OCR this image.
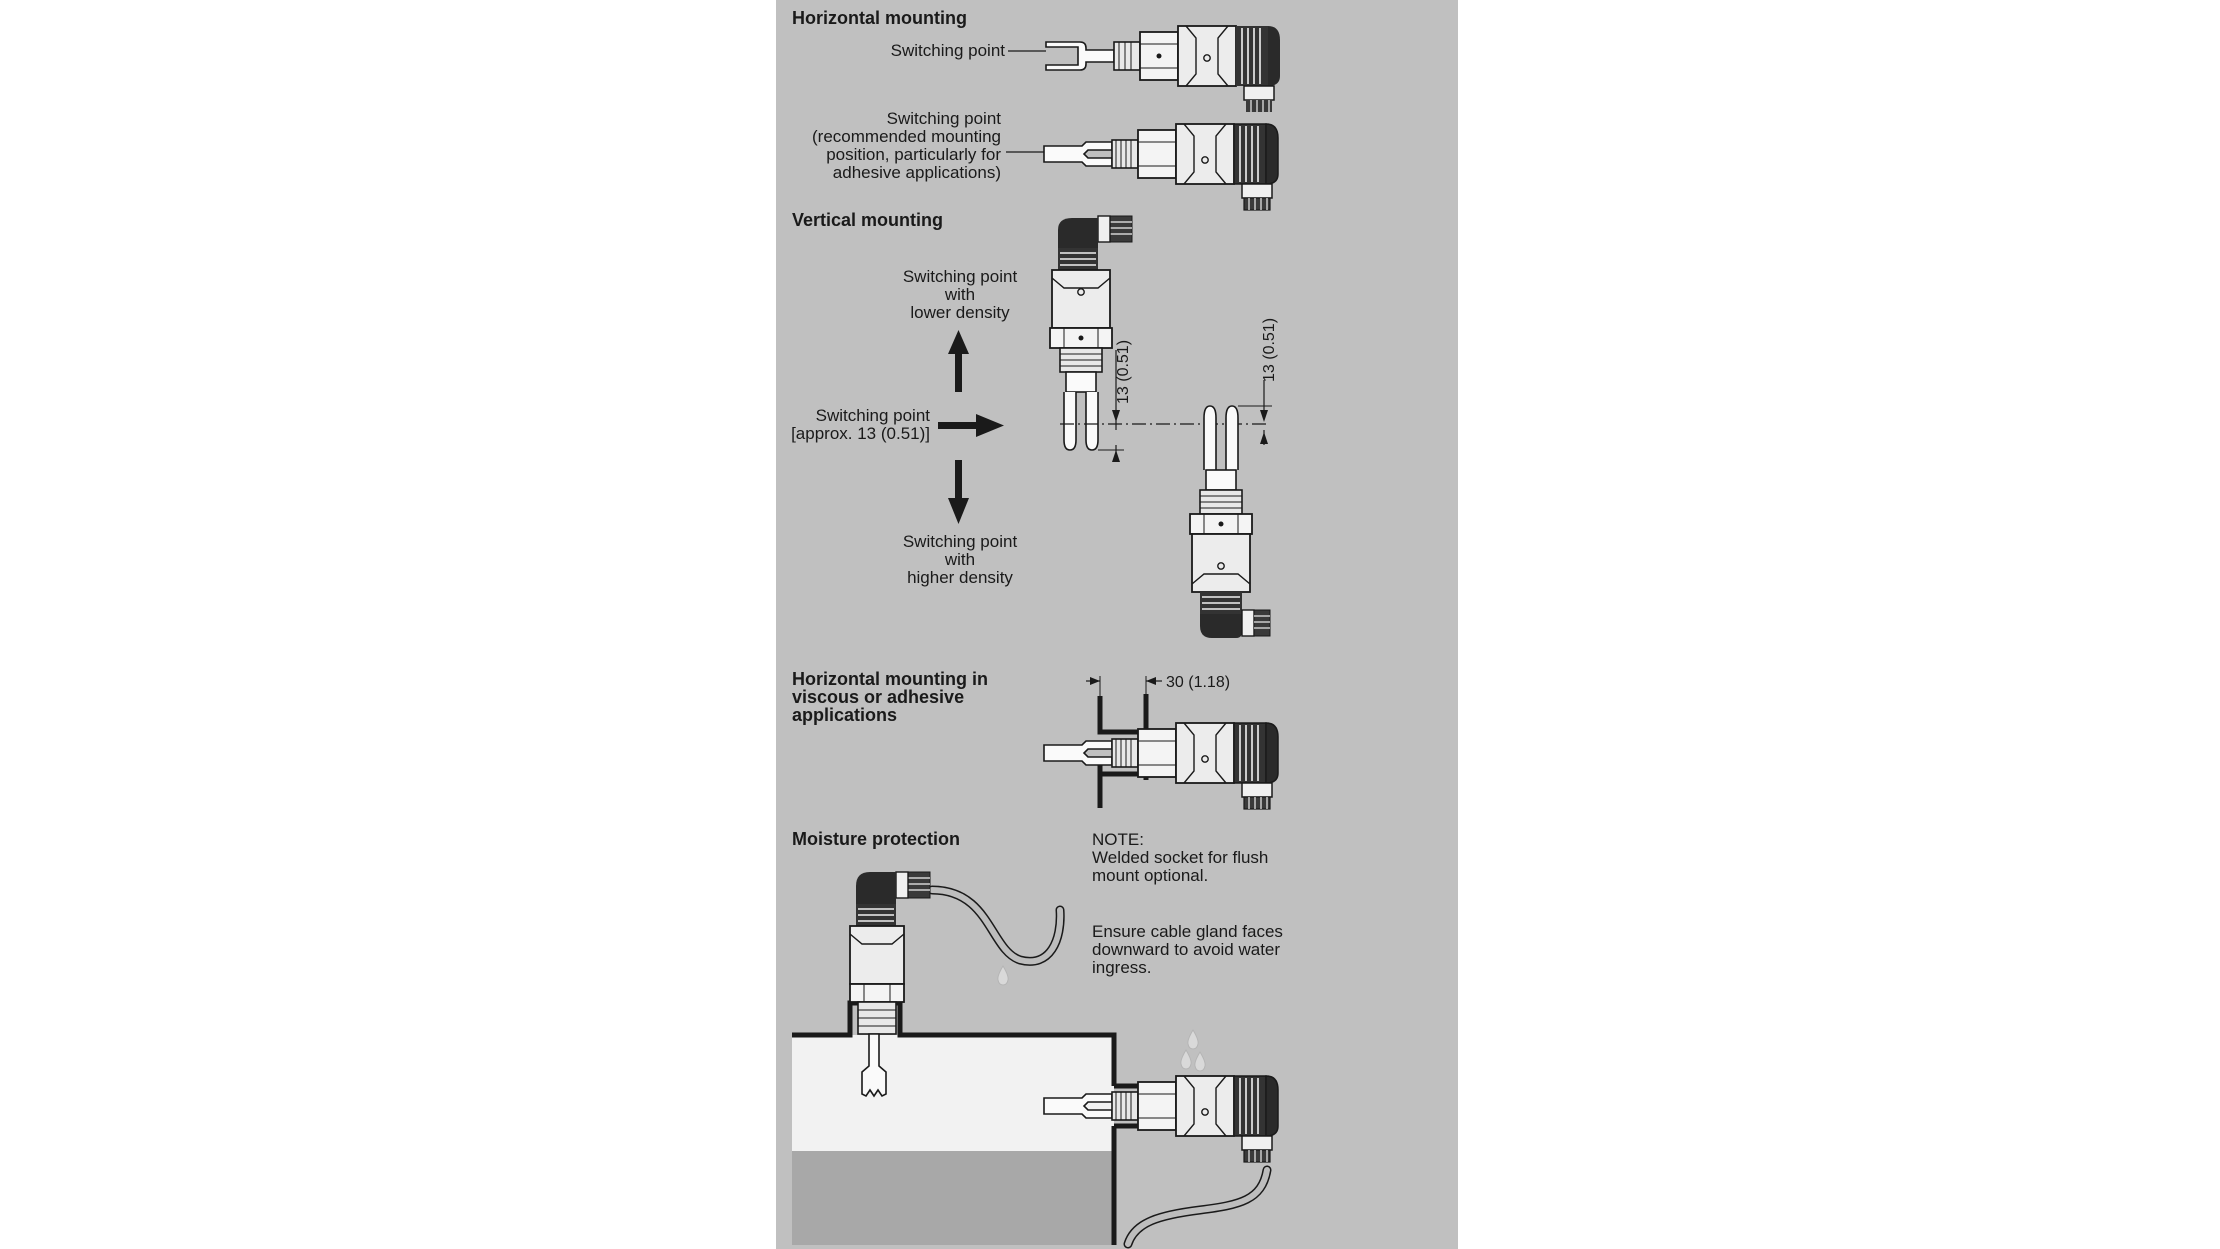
Horizontal mounting
Switching point
Switching point
(recommended mounting
position, particularly for
adhesive applications)
Vertical mounting
Switching point
with
lower density
Switching point
[approx. 13 (0.51)]
Switching point
with
higher density
13 (0.51)	13 (0.51)
Horizontal mounting in
viscous or adhesive
applications
30 (1.18)
Moisture protection	NOTE:
Welded socket for flush
mount optional.
Ensure cable gland faces
downward to avoid water
ingress.
